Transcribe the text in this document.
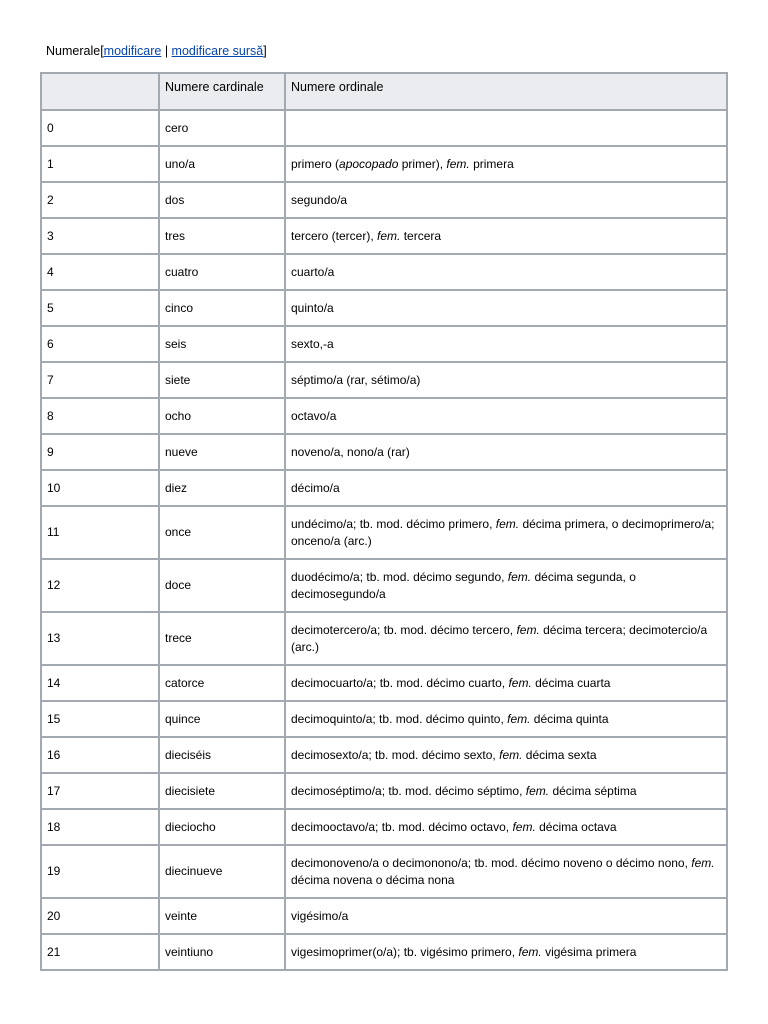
Numerale[modificare | modificare sursă]
	Numere cardinale	Numere ordinale
0	cero	
1	uno/a	primero (apocopado primer), fem. primera
2	dos	segundo/a
3	tres	tercero (tercer), fem. tercera
4	cuatro	cuarto/a
5	cinco	quinto/a
6	seis	sexto,-a
7	siete	séptimo/a (rar, sétimo/a)
8	ocho	octavo/a
9	nueve	noveno/a, nono/a (rar)
10	diez	décimo/a
11	once	undécimo/a; tb. mod. décimo primero, fem. décima primera, o decimoprimero/a; onceno/a (arc.)
12	doce	duodécimo/a; tb. mod. décimo segundo, fem. décima segunda, o decimosegundo/a
13	trece	decimotercero/a; tb. mod. décimo tercero, fem. décima tercera; decimotercio/a (arc.)
14	catorce	decimocuarto/a; tb. mod. décimo cuarto, fem. décima cuarta
15	quince	decimoquinto/a; tb. mod. décimo quinto, fem. décima quinta
16	dieciséis	decimosexto/a; tb. mod. décimo sexto, fem. décima sexta
17	diecisiete	decimoséptimo/a; tb. mod. décimo séptimo, fem. décima séptima
18	dieciocho	decimooctavo/a; tb. mod. décimo octavo, fem. décima octava
19	diecinueve	decimonoveno/a o decimonono/a; tb. mod. décimo noveno o décimo nono, fem. décima novena o décima nona
20	veinte	vigésimo/a
21	veintiuno	vigesimoprimer(o/a); tb. vigésimo primero, fem. vigésima primera
